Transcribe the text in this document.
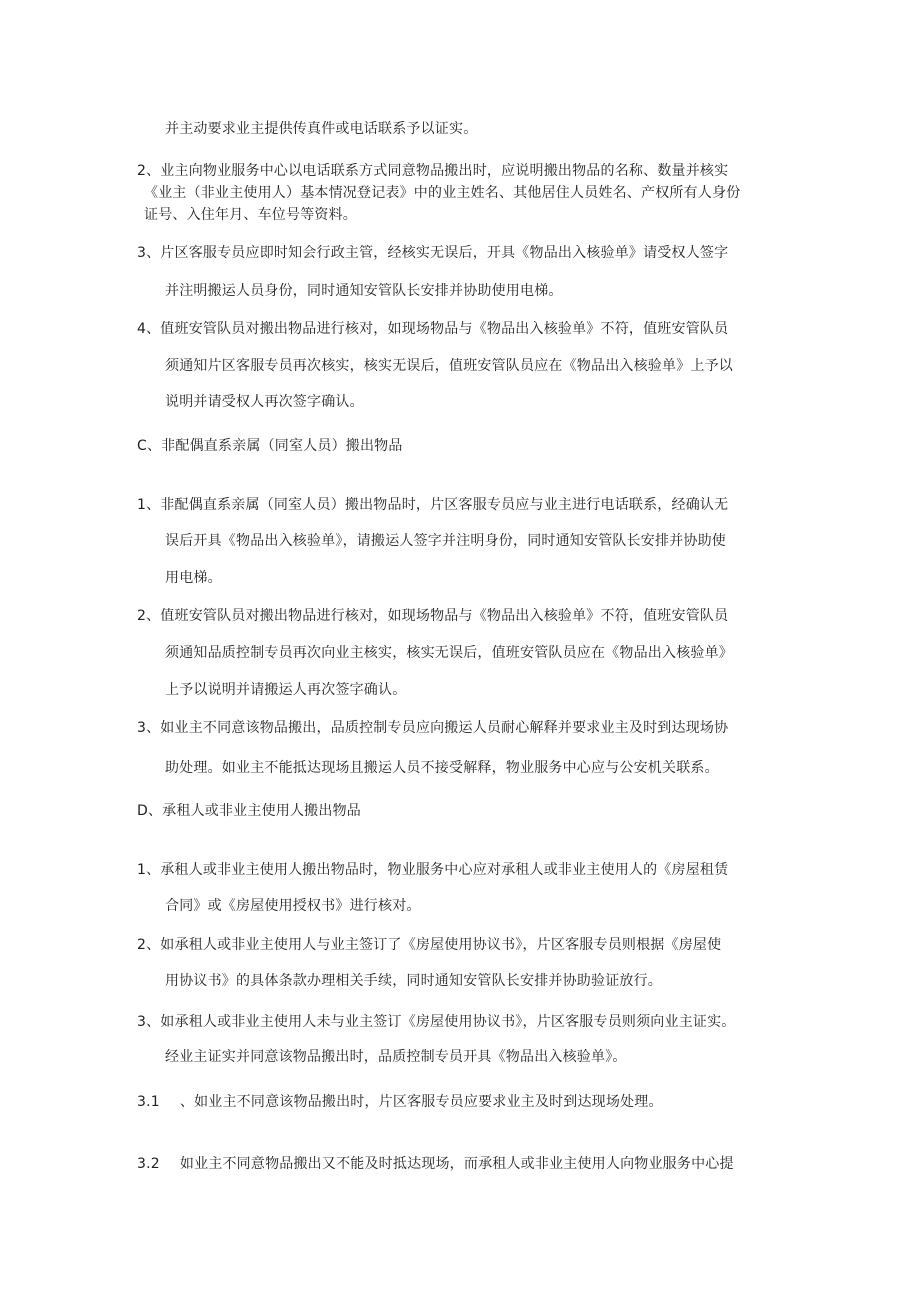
并主动要求业主提供传真件或电话联系予以证实。
2、业主向物业服务中心以电话联系方式同意物品搬出时，应说明搬出物品的名称、数量并核实
《业主（非业主使用人）基本情况登记表》中的业主姓名、其他居住人员姓名、产权所有人身份
证号、入住年月、车位号等资料。
3、片区客服专员应即时知会行政主管，经核实无误后，开具《物品出入核验单》请受权人签字
并注明搬运人员身份，同时通知安管队长安排并协助使用电梯。
4、值班安管队员对搬出物品进行核对，如现场物品与《物品出入核验单》不符，值班安管队员
须通知片区客服专员再次核实，核实无误后，值班安管队员应在《物品出入核验单》上予以
说明并请受权人再次签字确认。
C、非配偶直系亲属（同室人员）搬出物品
1、非配偶直系亲属（同室人员）搬出物品时，片区客服专员应与业主进行电话联系，经确认无
误后开具《物品出入核验单》，请搬运人签字并注明身份，同时通知安管队长安排并协助使
用电梯。
2、值班安管队员对搬出物品进行核对，如现场物品与《物品出入核验单》不符，值班安管队员
须通知品质控制专员再次向业主核实，核实无误后，值班安管队员应在《物品出入核验单》
上予以说明并请搬运人再次签字确认。
3、如业主不同意该物品搬出，品质控制专员应向搬运人员耐心解释并要求业主及时到达现场协
助处理。如业主不能抵达现场且搬运人员不接受解释，物业服务中心应与公安机关联系。
D、承租人或非业主使用人搬出物品
1、承租人或非业主使用人搬出物品时，物业服务中心应对承租人或非业主使用人的《房屋租赁
合同》或《房屋使用授权书》进行核对。
2、如承租人或非业主使用人与业主签订了《房屋使用协议书》，片区客服专员则根据《房屋使
用协议书》的具体条款办理相关手续，同时通知安管队长安排并协助验证放行。
3、如承租人或非业主使用人未与业主签订《房屋使用协议书》，片区客服专员则须向业主证实。
经业主证实并同意该物品搬出时，品质控制专员开具《物品出入核验单》。
3.1 、如业主不同意该物品搬出时，片区客服专员应要求业主及时到达现场处理。
3.2 如业主不同意物品搬出又不能及时抵达现场，而承租人或非业主使用人向物业服务中心提
